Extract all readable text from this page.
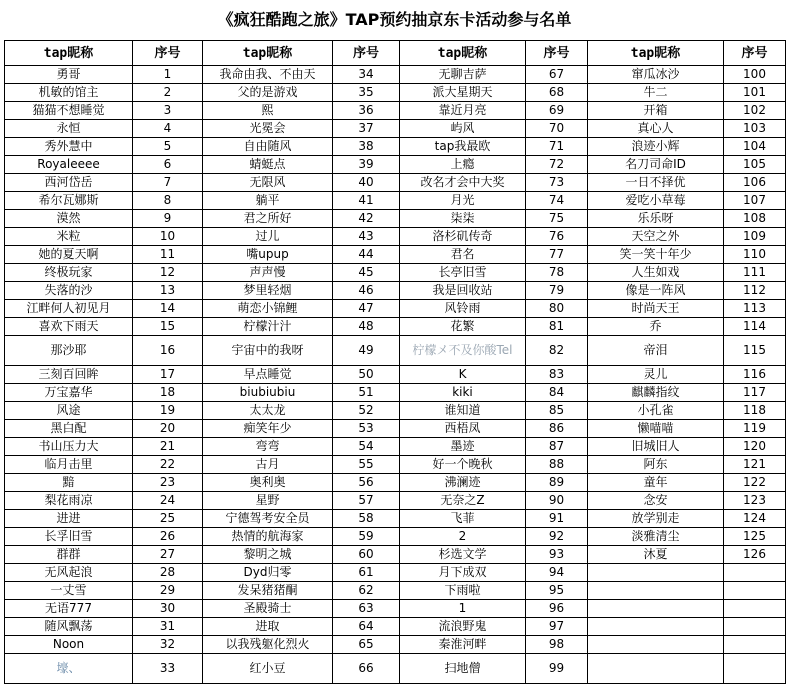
《疯狂酷跑之旅》TAP预约抽京东卡活动参与名单
tap昵称	序号	tap昵称	序号	tap昵称	序号	tap昵称	序号
勇哥	1	我命由我、不由天	34	无聊吉萨	67	窜瓜冰沙	100
机敏的馆主	2	父的是游戏	35	派大星期天	68	牛二	101
猫猫不想睡觉	3	熙	36	靠近月亮	69	开箱	102
永恒	4	光冕会	37	屿风	70	真心人	103
秀外慧中	5	自由随风	38	tap我最欧	71	浪迹小辉	104
Royaleeee	6	蜻蜓点	39	上瘾	72	名刀司命ID	105
西河岱岳	7	无限风	40	改名才会中大奖	73	一日不择优	106
希尔瓦娜斯	8	躺平	41	月光	74	爱吃小草莓	107
漠然	9	君之所好	42	柒柒	75	乐乐呀	108
米粒	10	过儿	43	洛杉矶传奇	76	天空之外	109
她的夏天啊	11	嘴upup	44	君名	77	笑一笑十年少	110
终极玩家	12	声声慢	45	长亭旧雪	78	人生如戏	111
失落的沙	13	梦里轻烟	46	我是回收站	79	像是一阵风	112
江畔何人初见月	14	萌恋小锦鲤	47	风铃雨	80	时尚天王	113
喜欢下雨天	15	柠檬汁汁	48	花繁	81	乔	114
那沙耶	16	宇宙中的我呀	49	柠檬メ不及你酸Tel	82	帝泪	115
三刻百回眸	17	早点睡觉	50	K	83	灵儿	116
万宝嘉华	18	biubiubiu	51	kiki	84	麒麟指纹	117
风途	19	太太龙	52	谁知道	85	小孔雀	118
黑白配	20	痴笑年少	53	西梧凤	86	懒喵喵	119
书山压力大	21	弯弯	54	墨迹	87	旧城旧人	120
临月击里	22	古月	55	好一个晚秋	88	阿东	121
黯	23	奥利奥	56	沸澜迹	89	童年	122
梨花雨凉	24	星野	57	无奈之Z	90	念安	123
进进	25	宁德驾考安全员	58	飞菲	91	放学别走	124
长孚旧雪	26	热情的航海家	59	2	92	淡雅清尘	125
群群	27	黎明之城	60	杉选文学	93	沐夏	126
无风起浪	28	Dyd归零	61	月下成双	94		
一丈雪	29	发呆猪猪酮	62	下雨啦	95		
无语777	30	圣殿骑士	63	1	96		
随风飘荡	31	进取	64	流浪野鬼	97		
Noon	32	以我残躯化烈火	65	秦淮河畔	98		
壕、	33	红小豆	66	扫地僧	99		
